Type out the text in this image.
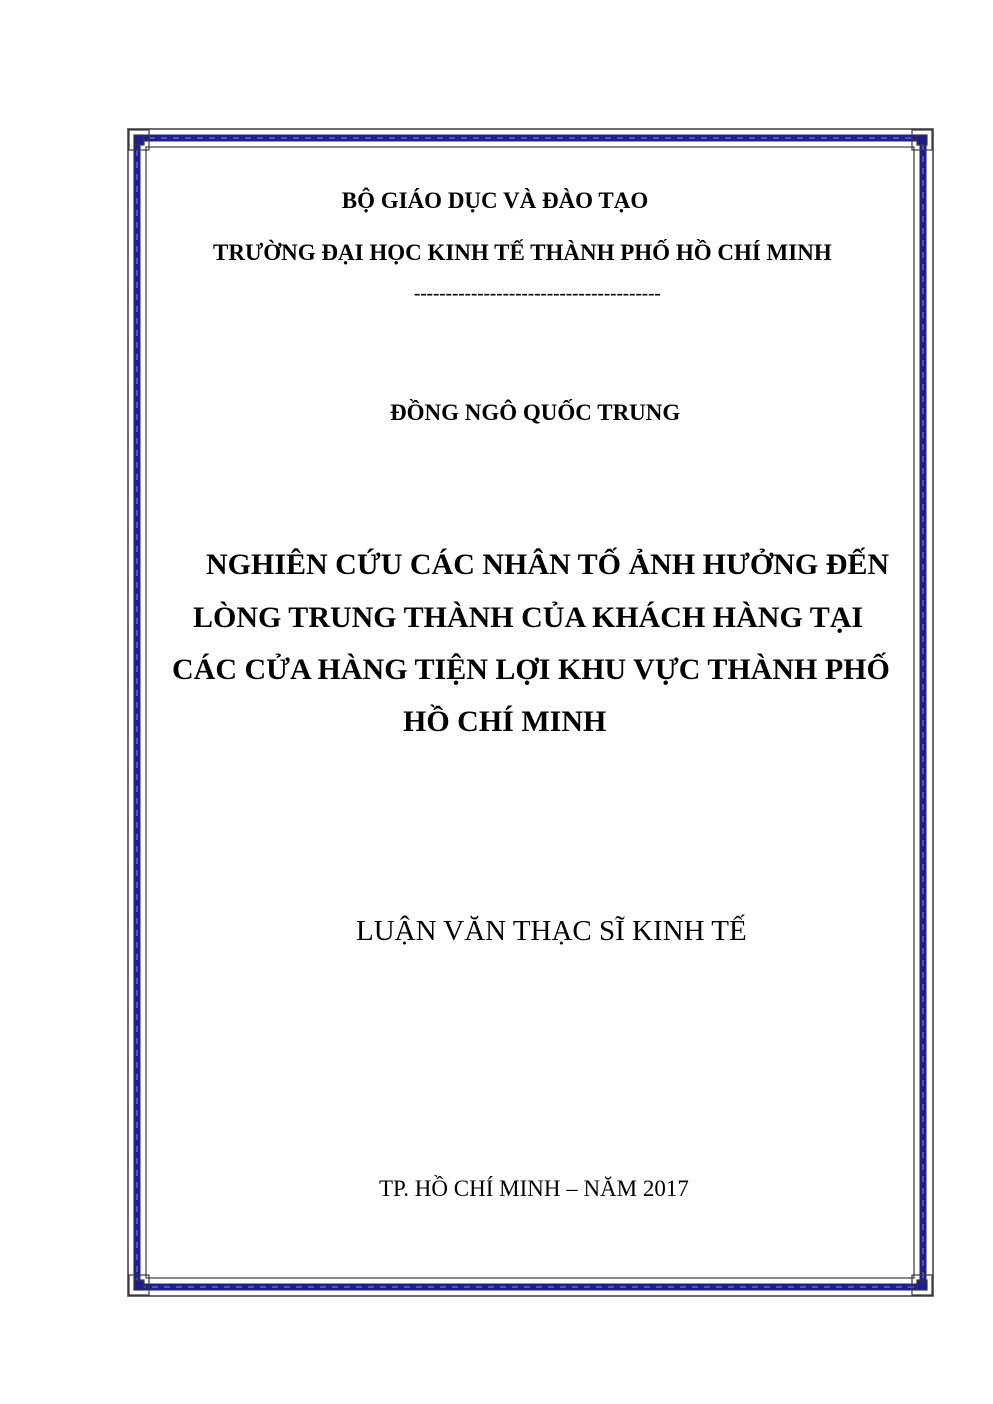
BỘ GIÁO DỤC VÀ ĐÀO TẠO
TRƯỜNG ĐẠI HỌC KINH TẾ THÀNH PHỐ HỒ CHÍ MINH
---------------------------------------
ĐỒNG NGÔ QUỐC TRUNG
NGHIÊN CỨU CÁC NHÂN TỐ ẢNH HƯỞNG ĐẾN
LÒNG TRUNG THÀNH CỦA KHÁCH HÀNG TẠI
CÁC CỬA HÀNG TIỆN LỢI KHU VỰC THÀNH PHỐ
HỒ CHÍ MINH
LUẬN VĂN THẠC SĨ KINH TẾ
TP. HỒ CHÍ MINH – NĂM 2017
